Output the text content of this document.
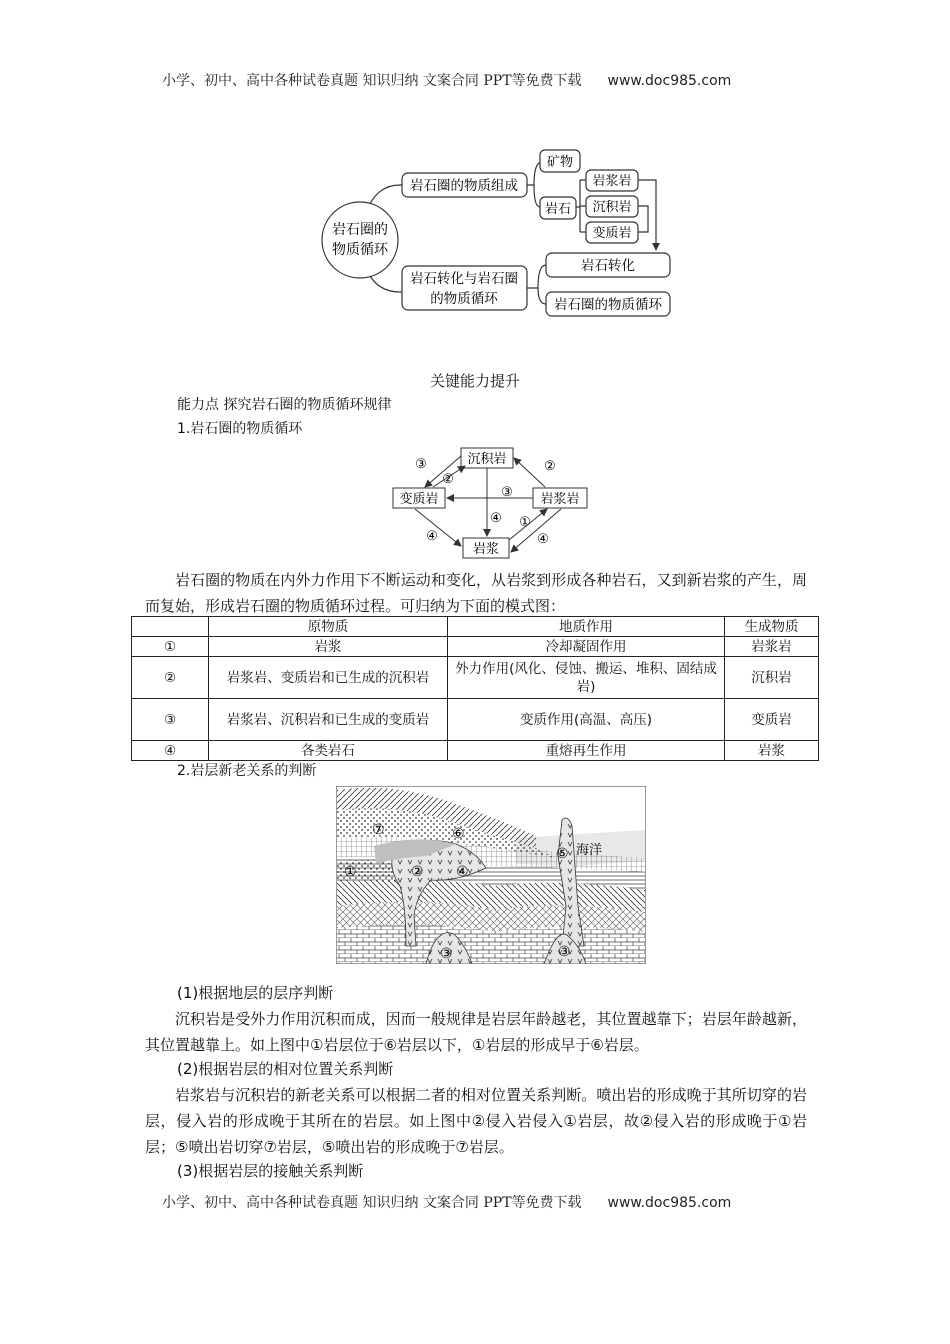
小学、初中、高中各种试卷真题 知识归纳 文案合同 PPT等免费下载 www.doc985.com
岩石圈的
物质循环
岩石圈的物质组成
矿物
岩石
岩浆岩
沉积岩
变质岩
岩石转化与岩石圈
的物质循环
岩石转化
岩石圈的物质循环
关键能力提升
能力点 探究岩石圈的物质循环规律
1.岩石圈的物质循环
沉积岩
变质岩	岩浆岩
岩浆
③
②
②
③
④ ①
④	④
岩石圈的物质在内外力作用下不断运动和变化，从岩浆到形成各种岩石，又到新岩浆的产生，周而复始，形成岩石圈的物质循环过程。可归纳为下面的模式图：
	原物质	地质作用	生成物质
①	岩浆	冷却凝固作用	岩浆岩
②	岩浆岩、变质岩和已生成的沉积岩	外力作用(风化、侵蚀、搬运、堆积、固结成岩)	沉积岩
③	岩浆岩、沉积岩和已生成的变质岩	变质作用(高温、高压)	变质岩
④	各类岩石	重熔再生作用	岩浆
2.岩层新老关系的判断
海洋
①	②
③	③
④
⑤
⑥
⑦
(1)根据地层的层序判断
沉积岩是受外力作用沉积而成，因而一般规律是岩层年龄越老，其位置越靠下；岩层年龄越新，其位置越靠上。如上图中①岩层位于⑥岩层以下，①岩层的形成早于⑥岩层。
(2)根据岩层的相对位置关系判断
岩浆岩与沉积岩的新老关系可以根据二者的相对位置关系判断。喷出岩的形成晚于其所切穿的岩层，侵入岩的形成晚于其所在的岩层。如上图中②侵入岩侵入①岩层，故②侵入岩的形成晚于①岩层；⑤喷出岩切穿⑦岩层，⑤喷出岩的形成晚于⑦岩层。
(3)根据岩层的接触关系判断
小学、初中、高中各种试卷真题 知识归纳 文案合同 PPT等免费下载 www.doc985.com
